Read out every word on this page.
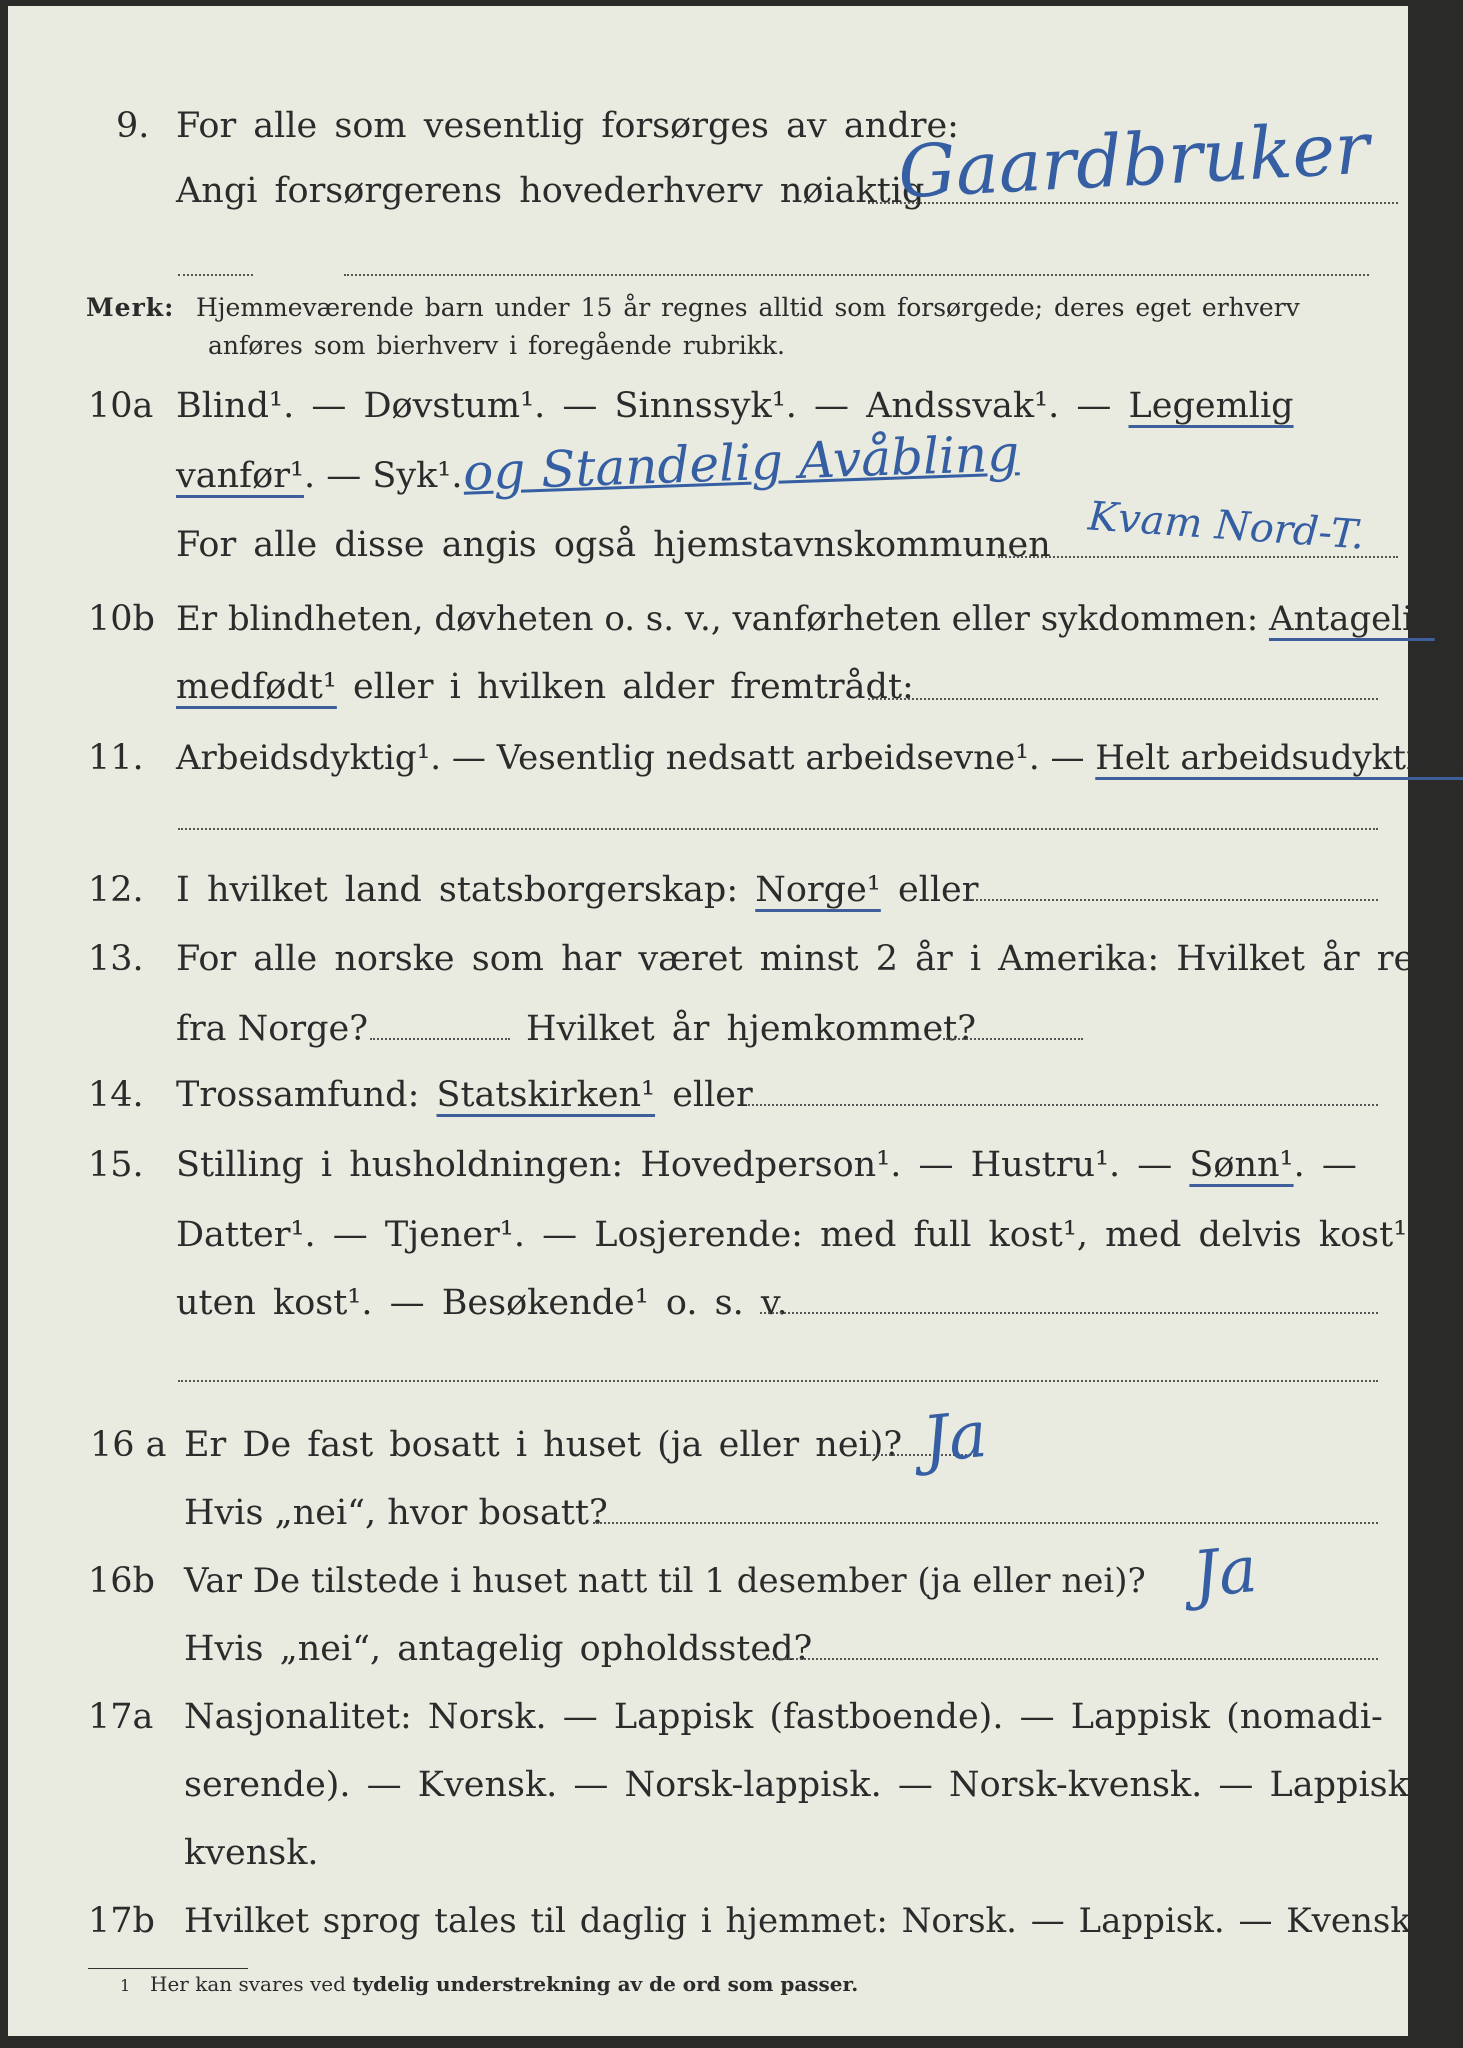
9. For alle som vesentlig forsørges av andre:
Angi forsørgerens hovederhverv nøiaktig
Gaardbruker
Merk: Hjemmeværende barn under 15 år regnes alltid som forsørgede; deres eget erhverv
anføres som bierhverv i foregående rubrikk.
10a Blind¹. — Døvstum¹. — Sinnssyk¹. — Andssvak¹. — Legemlig
vanfør¹. — Syk¹. og Standelig Avåbling
For alle disse angis også hjemstavnskommunen Kvam Nord-T.
10b Er blindheten, døvheten o. s. v., vanførheten eller sykdommen: Antagelig
medfødt¹ eller i hvilken alder fremtrådt:
11. Arbeidsdyktig¹. — Vesentlig nedsatt arbeidsevne¹. — Helt arbeidsudyktig¹.
12. I hvilket land statsborgerskap: Norge¹ eller
13. For alle norske som har været minst 2 år i Amerika: Hvilket år reist
fra Norge?	Hvilket år hjemkommet?
14. Trossamfund: Statskirken¹ eller
15. Stilling i husholdningen: Hovedperson¹. — Hustru¹. — Sønn¹. —
Datter¹. — Tjener¹. — Losjerende: med full kost¹, med delvis kost¹,
uten kost¹. — Besøkende¹ o. s. v.
16 a Er De fast bosatt i huset (ja eller nei)? Ja
Hvis „nei“, hvor bosatt?
16b Var De tilstede i huset natt til 1 desember (ja eller nei)? Ja
Hvis „nei“, antagelig opholdssted?
17a Nasjonalitet: Norsk. — Lappisk (fastboende). — Lappisk (nomadi-
serende). — Kvensk. — Norsk-lappisk. — Norsk-kvensk. — Lappisk-
kvensk.
17b Hvilket sprog tales til daglig i hjemmet: Norsk. — Lappisk. — Kvensk.
1 Her kan svares ved tydelig understrekning av de ord som passer.
